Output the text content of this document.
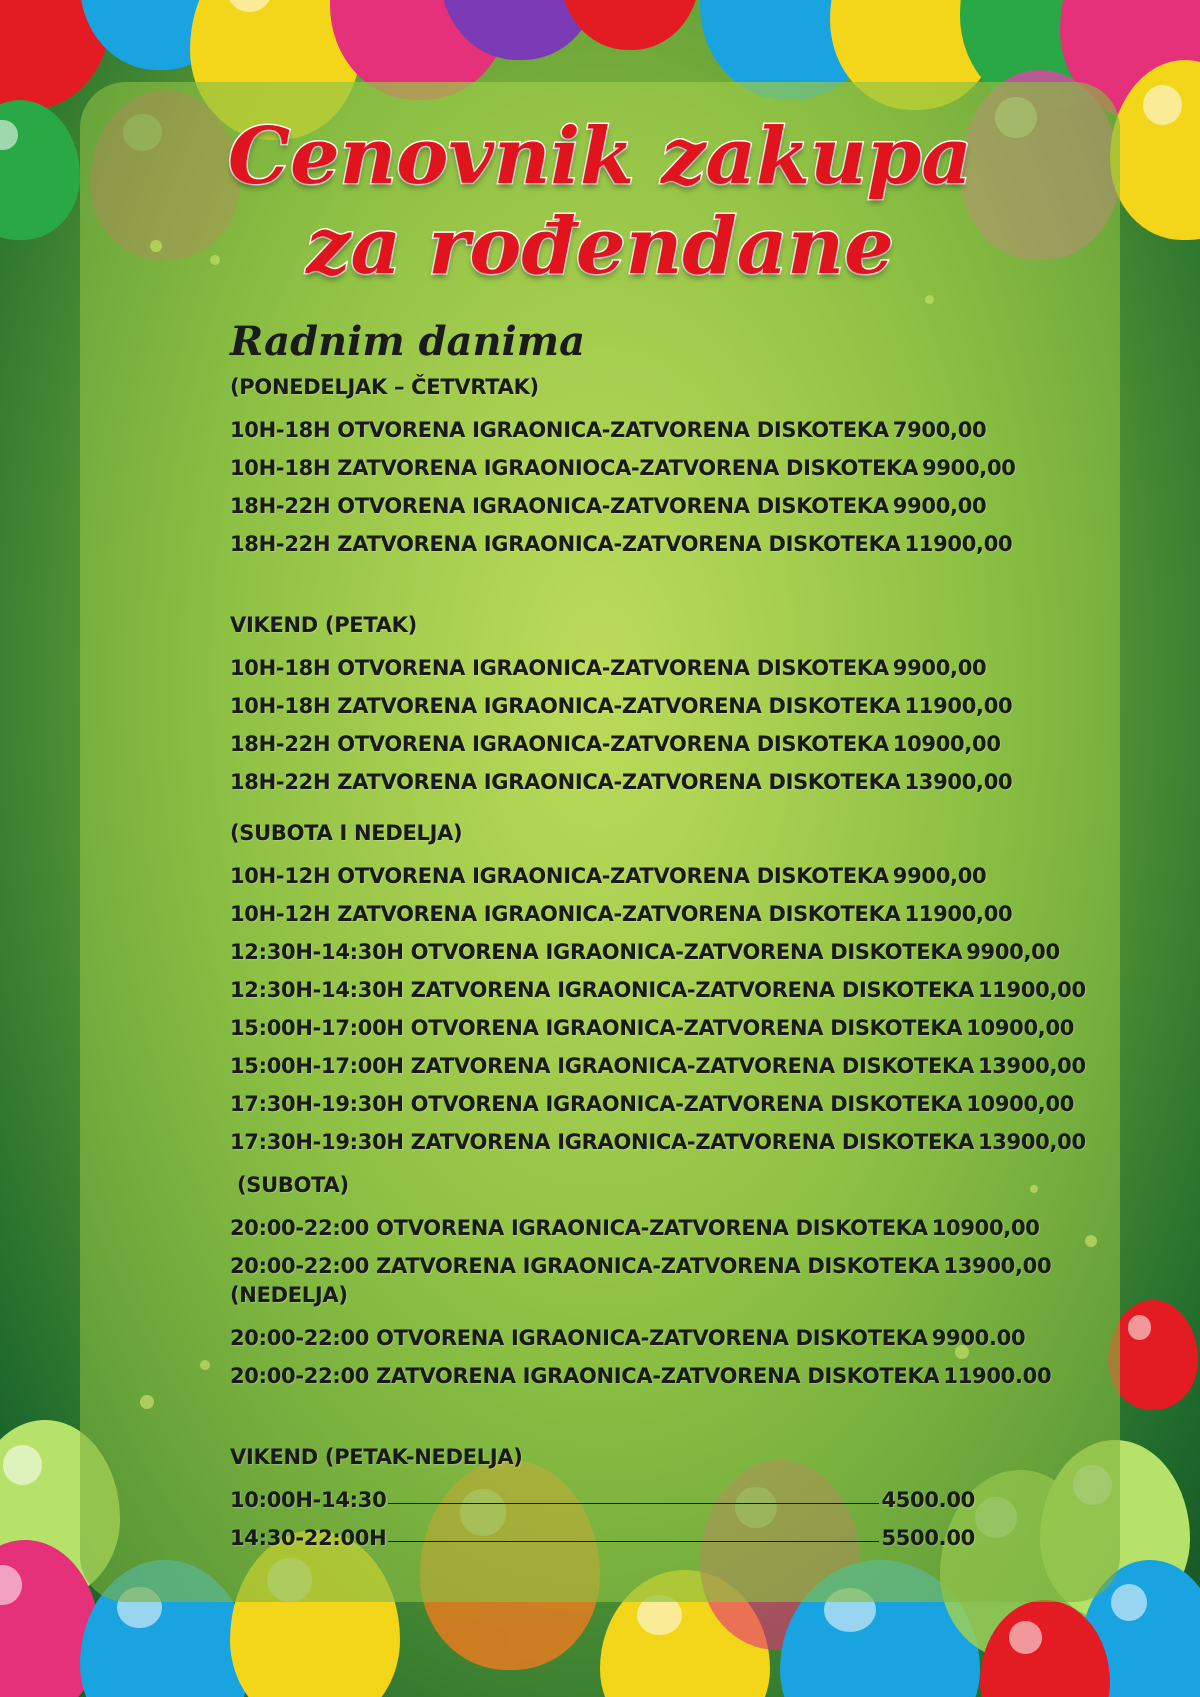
Cenovnik zakupa
za rođendane
Radnim danima
(PONEDELJAK – ČETVRTAK)
10H-18H OTVORENA IGRAONICA-ZATVORENA DISKOTEKA 7900,00
10H-18H ZATVORENA IGRAONIOCA-ZATVORENA DISKOTEKA 9900,00
18H-22H OTVORENA IGRAONICA-ZATVORENA DISKOTEKA 9900,00
18H-22H ZATVORENA IGRAONICA-ZATVORENA DISKOTEKA 11900,00
VIKEND (PETAK)
10H-18H OTVORENA IGRAONICA-ZATVORENA DISKOTEKA 9900,00
10H-18H ZATVORENA IGRAONICA-ZATVORENA DISKOTEKA 11900,00
18H-22H OTVORENA IGRAONICA-ZATVORENA DISKOTEKA 10900,00
18H-22H ZATVORENA IGRAONICA-ZATVORENA DISKOTEKA 13900,00
(SUBOTA I NEDELJA)
10H-12H OTVORENA IGRAONICA-ZATVORENA DISKOTEKA 9900,00
10H-12H ZATVORENA IGRAONICA-ZATVORENA DISKOTEKA 11900,00
12:30H-14:30H OTVORENA IGRAONICA-ZATVORENA DISKOTEKA 9900,00
12:30H-14:30H ZATVORENA IGRAONICA-ZATVORENA DISKOTEKA 11900,00
15:00H-17:00H OTVORENA IGRAONICA-ZATVORENA DISKOTEKA 10900,00
15:00H-17:00H ZATVORENA IGRAONICA-ZATVORENA DISKOTEKA 13900,00
17:30H-19:30H OTVORENA IGRAONICA-ZATVORENA DISKOTEKA 10900,00
17:30H-19:30H ZATVORENA IGRAONICA-ZATVORENA DISKOTEKA 13900,00
(SUBOTA)
20:00-22:00 OTVORENA IGRAONICA-ZATVORENA DISKOTEKA 10900,00
20:00-22:00 ZATVORENA IGRAONICA-ZATVORENA DISKOTEKA 13900,00
(NEDELJA)
20:00-22:00 OTVORENA IGRAONICA-ZATVORENA DISKOTEKA 9900.00
20:00-22:00 ZATVORENA IGRAONICA-ZATVORENA DISKOTEKA 11900.00
VIKEND (PETAK-NEDELJA)
10:00H-14:30	4500.00
14:30-22:00H	5500.00
